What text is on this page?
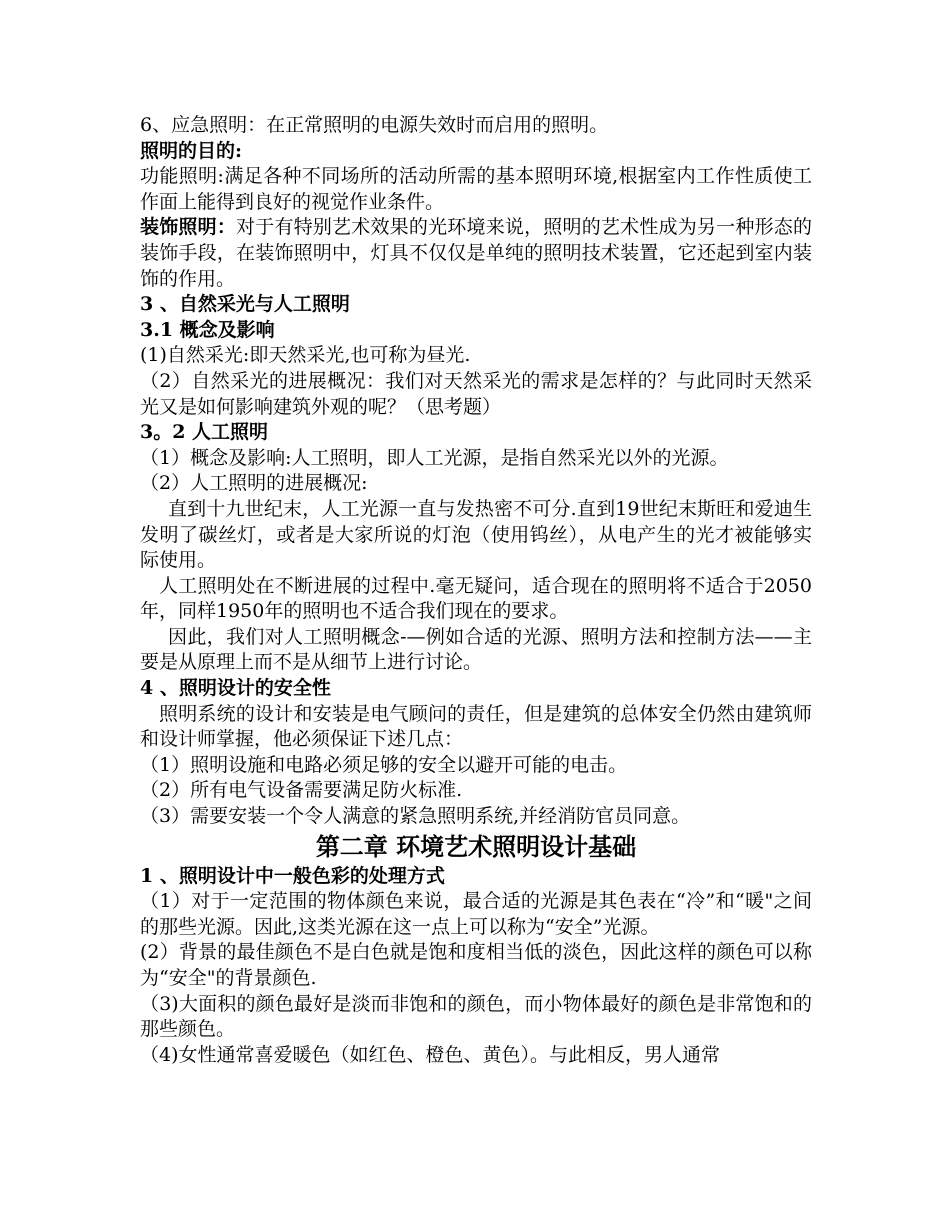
6、应急照明：在正常照明的电源失效时而启用的照明。

照明的目的:

功能照明:满足各种不同场所的活动所需的基本照明环境,根据室内工作性质使工作面上能得到良好的视觉作业条件。

装饰照明：对于有特别艺术效果的光环境来说，照明的艺术性成为另一种形态的装饰手段，在装饰照明中，灯具不仅仅是单纯的照明技术装置，它还起到室内装饰的作用。

3 、自然采光与人工照明

3.1 概念及影响

(1)自然采光:即天然采光,也可称为昼光.

（2）自然采光的进展概况：我们对天然采光的需求是怎样的？与此同时天然采光又是如何影响建筑外观的呢？（思考题）

3。2 人工照明

（1）概念及影响:人工照明，即人工光源，是指自然采光以外的光源。

（2）人工照明的进展概况:

直到十九世纪末，人工光源一直与发热密不可分.直到19世纪末斯旺和爱迪生发明了碳丝灯，或者是大家所说的灯泡（使用钨丝），从电产生的光才被能够实际使用。

人工照明处在不断进展的过程中.毫无疑问，适合现在的照明将不适合于2050年，同样1950年的照明也不适合我们现在的要求。

因此，我们对人工照明概念-—例如合适的光源、照明方法和控制方法——主要是从原理上而不是从细节上进行讨论。

4 、照明设计的安全性

照明系统的设计和安装是电气顾问的责任，但是建筑的总体安全仍然由建筑师和设计师掌握，他必须保证下述几点：

（1）照明设施和电路必须足够的安全以避开可能的电击。

（2）所有电气设备需要满足防火标准.

（3）需要安装一个令人满意的紧急照明系统,并经消防官员同意。

第二章 环境艺术照明设计基础

1 、照明设计中一般色彩的处理方式

（1）对于一定范围的物体颜色来说，最合适的光源是其色表在“冷”和“暖"之间的那些光源。因此,这类光源在这一点上可以称为“安全”光源。

(2）背景的最佳颜色不是白色就是饱和度相当低的淡色，因此这样的颜色可以称为“安全"的背景颜色.

（3)大面积的颜色最好是淡而非饱和的颜色，而小物体最好的颜色是非常饱和的那些颜色。

（4)女性通常喜爱暖色（如红色、橙色、黄色）。与此相反，男人通常
